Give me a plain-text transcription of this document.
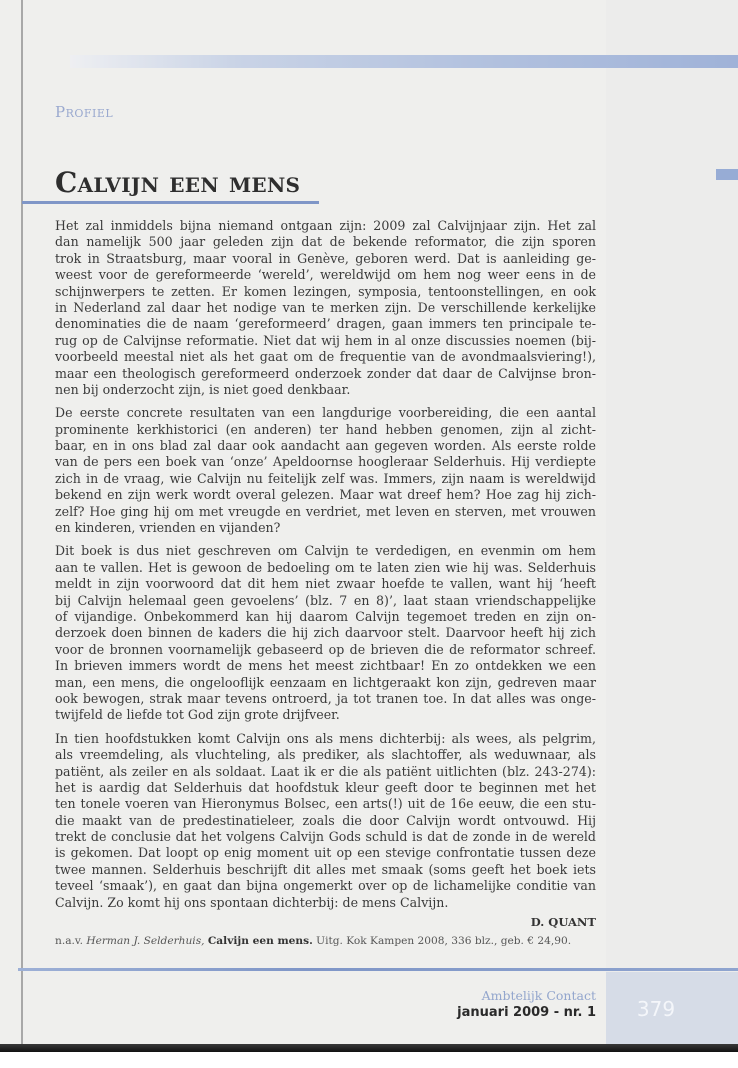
Profiel
Calvijn een mens
Het zal inmiddels bijna niemand ontgaan zijn: 2009 zal Calvijnjaar zijn. Het zal
dan namelijk 500 jaar geleden zijn dat de bekende reformator, die zijn sporen
trok in Straatsburg, maar vooral in Genève, geboren werd. Dat is aanleiding ge-
weest voor de gereformeerde ‘wereld’, wereldwijd om hem nog weer eens in de
schijnwerpers te zetten. Er komen lezingen, symposia, tentoonstellingen, en ook
in Nederland zal daar het nodige van te merken zijn. De verschillende kerkelijke
denominaties die de naam ‘gereformeerd’ dragen, gaan immers ten principale te-
rug op de Calvijnse reformatie. Niet dat wij hem in al onze discussies noemen (bij-
voorbeeld meestal niet als het gaat om de frequentie van de avondmaalsviering!),
maar een theologisch gereformeerd onderzoek zonder dat daar de Calvijnse bron-
nen bij onderzocht zijn, is niet goed denkbaar.
De eerste concrete resultaten van een langdurige voorbereiding, die een aantal
prominente kerkhistorici (en anderen) ter hand hebben genomen, zijn al zicht-
baar, en in ons blad zal daar ook aandacht aan gegeven worden. Als eerste rolde
van de pers een boek van ‘onze’ Apeldoornse hoogleraar Selderhuis. Hij verdiepte
zich in de vraag, wie Calvijn nu feitelijk zelf was. Immers, zijn naam is wereldwijd
bekend en zijn werk wordt overal gelezen. Maar wat dreef hem? Hoe zag hij zich-
zelf? Hoe ging hij om met vreugde en verdriet, met leven en sterven, met vrouwen
en kinderen, vrienden en vijanden?
Dit boek is dus niet geschreven om Calvijn te verdedigen, en evenmin om hem
aan te vallen. Het is gewoon de bedoeling om te laten zien wie hij was. Selderhuis
meldt in zijn voorwoord dat dit hem niet zwaar hoefde te vallen, want hij ‘heeft
bij Calvijn helemaal geen gevoelens’ (blz. 7 en 8)’, laat staan vriendschappelijke
of vijandige. Onbekommerd kan hij daarom Calvijn tegemoet treden en zijn on-
derzoek doen binnen de kaders die hij zich daarvoor stelt. Daarvoor heeft hij zich
voor de bronnen voornamelijk gebaseerd op de brieven die de reformator schreef.
In brieven immers wordt de mens het meest zichtbaar! En zo ontdekken we een
man, een mens, die ongelooflijk eenzaam en lichtgeraakt kon zijn, gedreven maar
ook bewogen, strak maar tevens ontroerd, ja tot tranen toe. In dat alles was onge-
twijfeld de liefde tot God zijn grote drijfveer.
In tien hoofdstukken komt Calvijn ons als mens dichterbij: als wees, als pelgrim,
als vreemdeling, als vluchteling, als prediker, als slachtoffer, als weduwnaar, als
patiënt, als zeiler en als soldaat. Laat ik er die als patiënt uitlichten (blz. 243-274):
het is aardig dat Selderhuis dat hoofdstuk kleur geeft door te beginnen met het
ten tonele voeren van Hieronymus Bolsec, een arts(!) uit de 16e eeuw, die een stu-
die maakt van de predestinatieleer, zoals die door Calvijn wordt ontvouwd. Hij
trekt de conclusie dat het volgens Calvijn Gods schuld is dat de zonde in de wereld
is gekomen. Dat loopt op enig moment uit op een stevige confrontatie tussen deze
twee mannen. Selderhuis beschrijft dit alles met smaak (soms geeft het boek iets
teveel ‘smaak’), en gaat dan bijna ongemerkt over op de lichamelijke conditie van
Calvijn. Zo komt hij ons spontaan dichterbij: de mens Calvijn.
D. QUANT
n.a.v. Herman J. Selderhuis, Calvijn een mens. Uitg. Kok Kampen 2008, 336 blz., geb. € 24,90.
379
Ambtelijk Contact
januari 2009 - nr. 1
